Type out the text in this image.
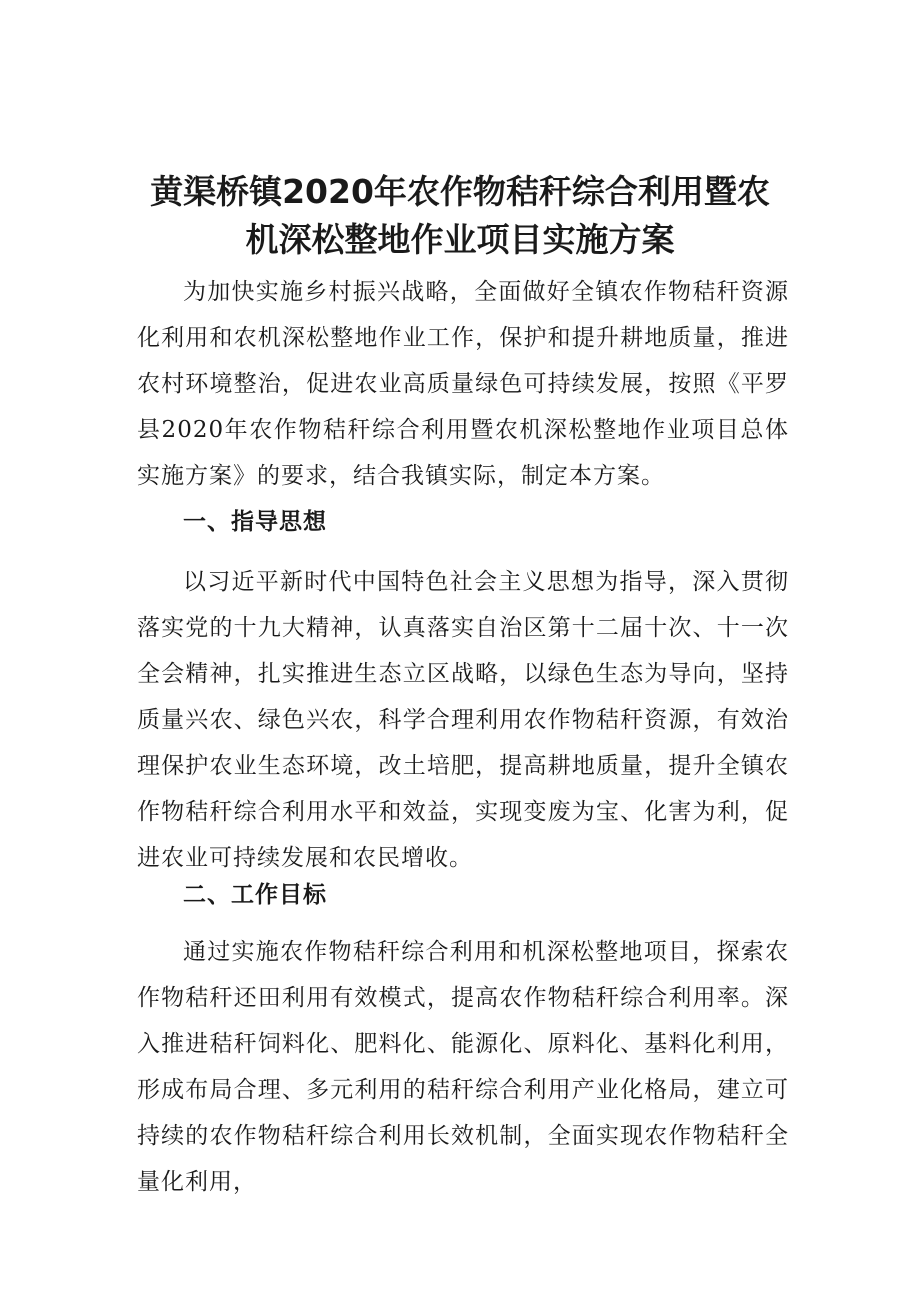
黄渠桥镇2020年农作物秸秆综合利用暨农
机深松整地作业项目实施方案

为加快实施乡村振兴战略，全面做好全镇农作物秸秆资源化利用和农机深松整地作业工作，保护和提升耕地质量，推进农村环境整治，促进农业高质量绿色可持续发展，按照《平罗县2020年农作物秸秆综合利用暨农机深松整地作业项目总体实施方案》的要求，结合我镇实际，制定本方案。

一、指导思想

以习近平新时代中国特色社会主义思想为指导，深入贯彻落实党的十九大精神，认真落实自治区第十二届十次、十一次全会精神，扎实推进生态立区战略，以绿色生态为导向，坚持质量兴农、绿色兴农，科学合理利用农作物秸秆资源，有效治理保护农业生态环境，改土培肥，提高耕地质量，提升全镇农作物秸秆综合利用水平和效益，实现变废为宝、化害为利，促进农业可持续发展和农民增收。

二、工作目标

通过实施农作物秸秆综合利用和机深松整地项目，探索农作物秸秆还田利用有效模式，提高农作物秸秆综合利用率。深入推进秸秆饲料化、肥料化、能源化、原料化、基料化利用，形成布局合理、多元利用的秸秆综合利用产业化格局，建立可持续的农作物秸秆综合利用长效机制，全面实现农作物秸秆全量化利用，
